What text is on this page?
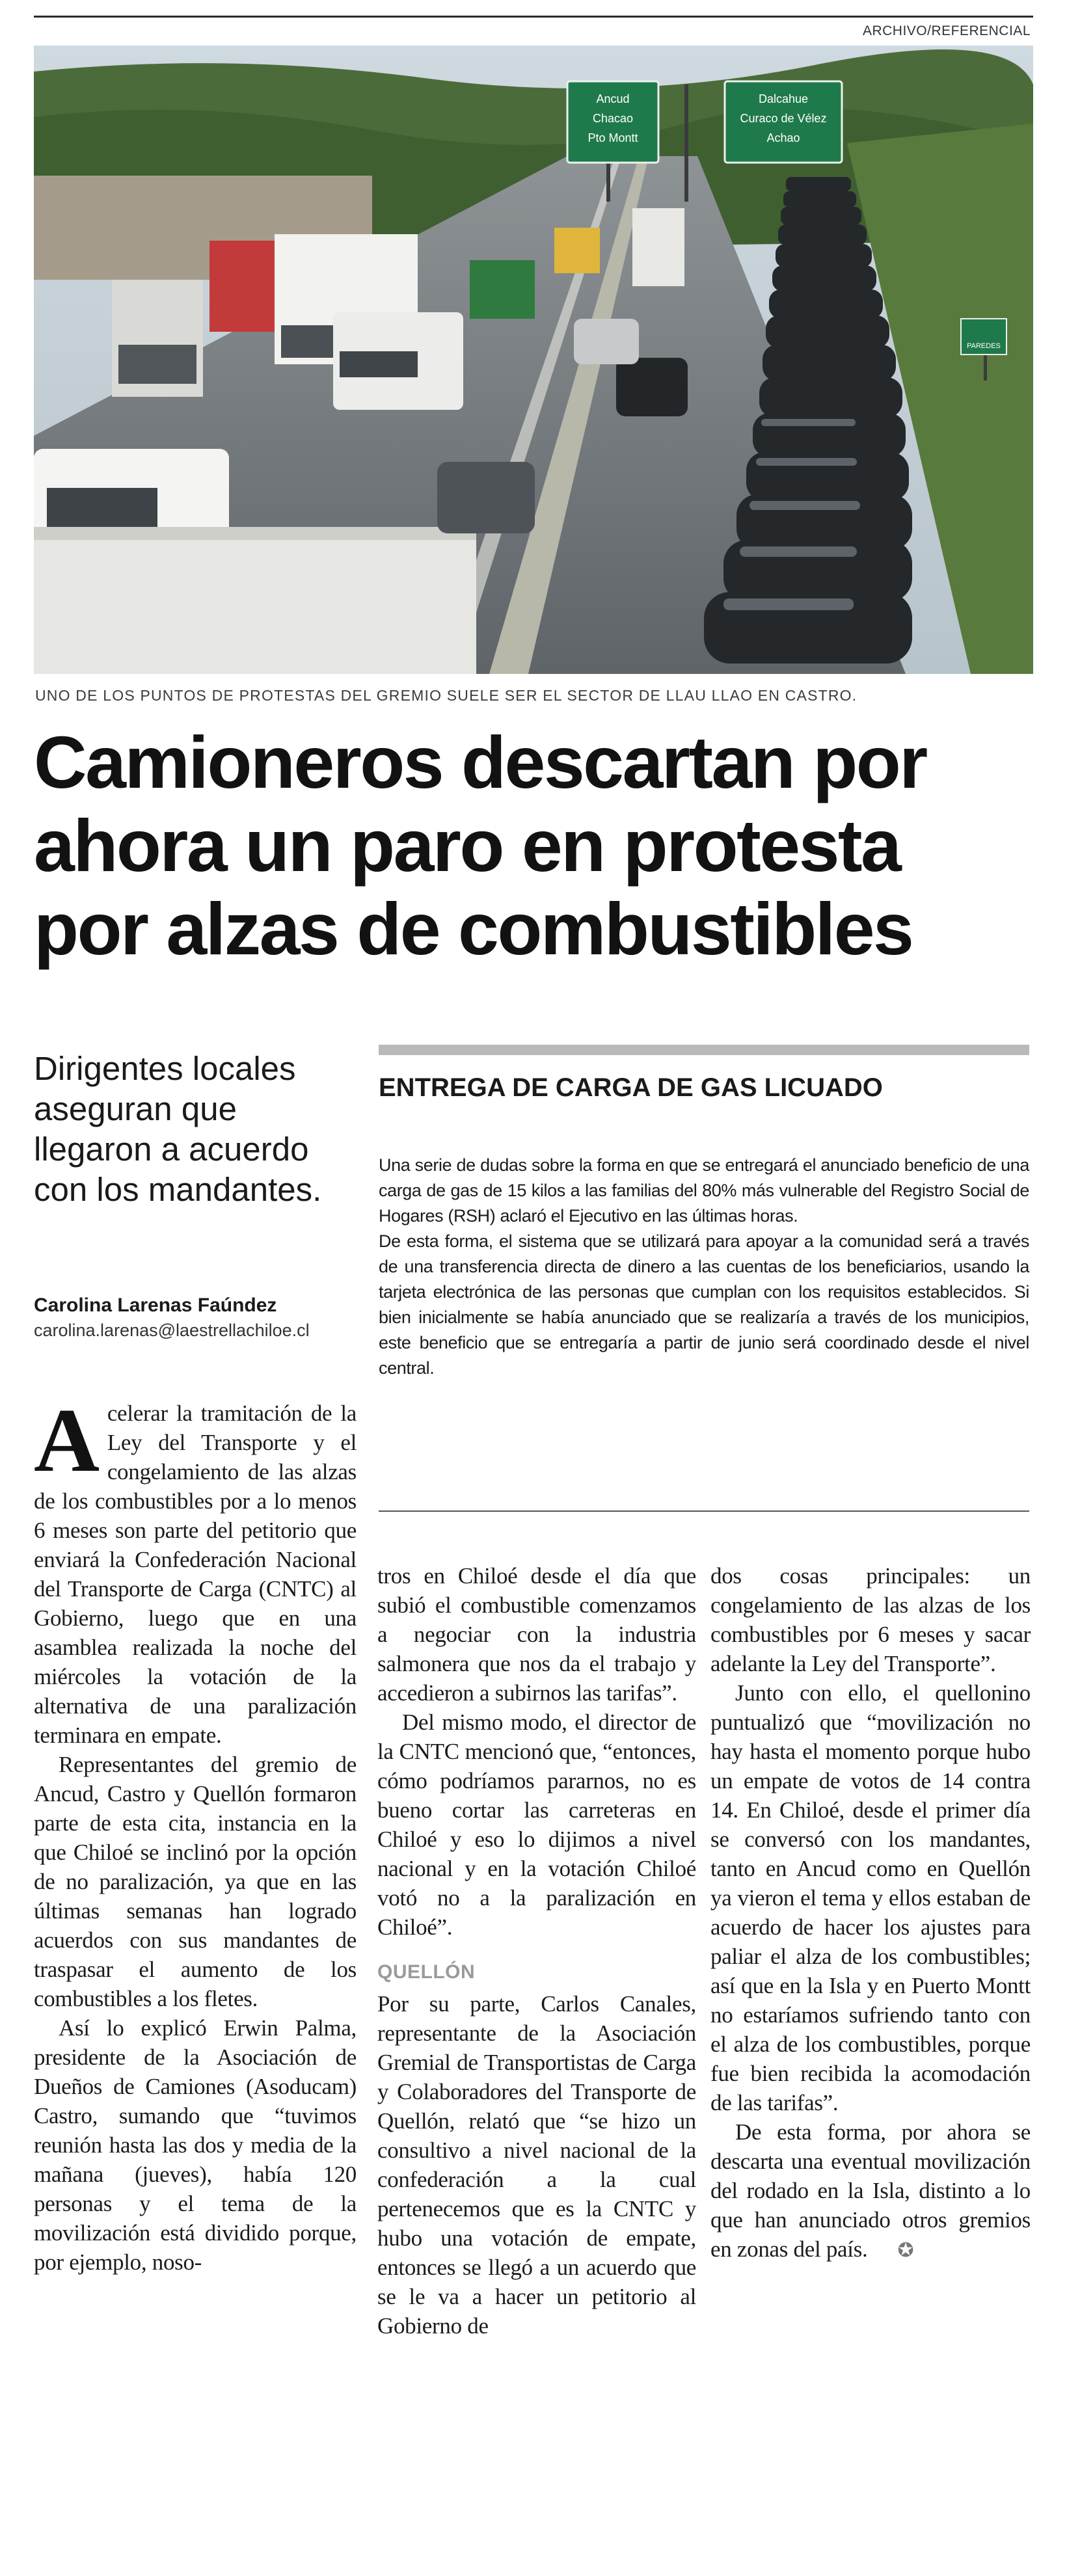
ARCHIVO/REFERENCIAL
Ancud
Chacao
Pto Montt
Dalcahue
Curaco de Vélez
Achao
PAREDES
UNO DE LOS PUNTOS DE PROTESTAS DEL GREMIO SUELE SER EL SECTOR DE LLAU LLAO EN CASTRO.
Camioneros descartan por
ahora un paro en protesta
por alzas de combustibles
Dirigentes locales aseguran que llegaron a acuerdo con los mandantes.
Carolina Larenas Faúndez
carolina.larenas@laestrellachiloe.cl
ENTREGA DE CARGA DE GAS LICUADO

Una serie de dudas sobre la forma en que se entregará el anunciado beneficio de una carga de gas de 15 kilos a las familias del 80% más vulnerable del Registro Social de Hogares (RSH) aclaró el Ejecutivo en las últimas horas.

De esta forma, el sistema que se utilizará para apoyar a la comunidad será a través de una transferencia directa de dinero a las cuentas de los beneficiarios, usando la tarjeta electrónica de las personas que cumplan con los requisitos establecidos. Si bien inicialmente se había anunciado que se realizaría a través de los municipios, este beneficio que se entregaría a partir de junio será coordinado desde el nivel central.

Acelerar la tramitación de la Ley del Transporte y el congelamiento de las alzas de los combustibles por a lo menos 6 meses son parte del petitorio que enviará la Confederación Nacional del Transporte de Carga (CNTC) al Gobierno, luego que en una asamblea realizada la noche del miércoles la votación de la alternativa de una paralización terminara en empate.

Representantes del gremio de Ancud, Castro y Quellón formaron parte de esta cita, instancia en la que Chiloé se inclinó por la opción de no paralización, ya que en las últimas semanas han logrado acuerdos con sus mandantes de traspasar el aumento de los combustibles a los fletes.

Así lo explicó Erwin Palma, presidente de la Asociación de Dueños de Camiones (Asoducam) Castro, sumando que “tuvimos reunión hasta las dos y media de la mañana (jueves), había 120 personas y el tema de la movilización está dividido porque, por ejemplo, noso-

tros en Chiloé desde el día que subió el combustible comenzamos a negociar con la industria salmonera que nos da el trabajo y accedieron a subirnos las tarifas”.

Del mismo modo, el director de la CNTC mencionó que, “entonces, cómo podríamos pararnos, no es bueno cortar las carreteras en Chiloé y eso lo dijimos a nivel nacional y en la votación Chiloé votó no a la paralización en Chiloé”.

QUELLÓN

Por su parte, Carlos Canales, representante de la Asociación Gremial de Transportistas de Carga y Colaboradores del Transporte de Quellón, relató que “se hizo un consultivo a nivel nacional de la confederación a la cual pertenecemos que es la CNTC y hubo una votación de empate, entonces se llegó a un acuerdo que se le va a hacer un petitorio al Gobierno de

dos cosas principales: un congelamiento de las alzas de los combustibles por 6 meses y sacar adelante la Ley del Transporte”.

Junto con ello, el quellonino puntualizó que “movilización no hay hasta el momento porque hubo un empate de votos de 14 contra 14. En Chiloé, desde el primer día se conversó con los mandantes, tanto en Ancud como en Quellón ya vieron el tema y ellos estaban de acuerdo de hacer los ajustes para paliar el alza de los combustibles; así que en la Isla y en Puerto Montt no estaríamos sufriendo tanto con el alza de los combustibles, porque fue bien recibida la acomodación de las tarifas”.

De esta forma, por ahora se descarta una eventual movilización del rodado en la Isla, distinto a lo que han anunciado otros gremios en zonas del país. ✪
